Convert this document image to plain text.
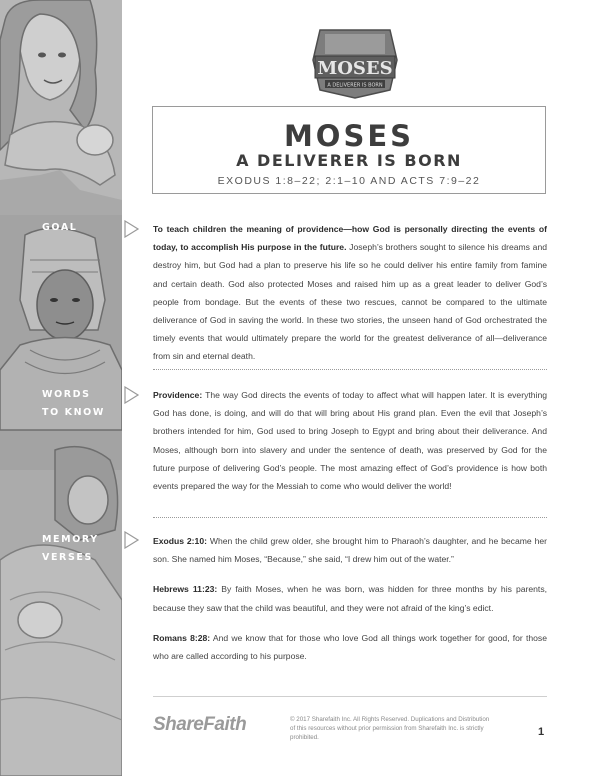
GOAL
WORDS
TO KNOW
MEMORY
VERSES
MOSES
A DELIVERER IS BORN
MOSES
A DELIVERER IS BORN
EXODUS 1:8–22; 2:1–10 AND ACTS 7:9–22

To teach children the meaning of providence—how God is personally directing the events of today, to accomplish His purpose in the future. Joseph’s brothers sought to silence his dreams and destroy him, but God had a plan to preserve his life so he could deliver his entire family from famine and certain death. God also protected Moses and raised him up as a great leader to deliver God’s people from bondage. But the events of these two rescues, cannot be compared to the ultimate deliverance of God in saving the world. In these two stories, the unseen hand of God orchestrated the timely events that would ultimately prepare the world for the greatest deliverance of all—deliverance from sin and eternal death.

Providence: The way God directs the events of today to affect what will happen later. It is everything God has done, is doing, and will do that will bring about His grand plan. Even the evil that Joseph’s brothers intended for him, God used to bring Joseph to Egypt and bring about their deliverance. And Moses, although born into slavery and under the sentence of death, was preserved by God for the future purpose of delivering God’s people. The most amazing effect of God’s providence is how both events prepared the way for the Messiah to come who would deliver the world!

Exodus 2:10: When the child grew older, she brought him to Pharaoh’s daughter, and he became her son. She named him Moses, “Because,” she said, “I drew him out of the water.”

Hebrews 11:23: By faith Moses, when he was born, was hidden for three months by his parents, because they saw that the child was beautiful, and they were not afraid of the king’s edict.

Romans 8:28: And we know that for those who love God all things work together for good, for those who are called according to his purpose.

ShareFaith	© 2017 Sharefaith Inc. All Rights Reserved. Duplications and Distribution of this resources without prior permission from Sharefaith Inc. is strictly prohibited.	1
